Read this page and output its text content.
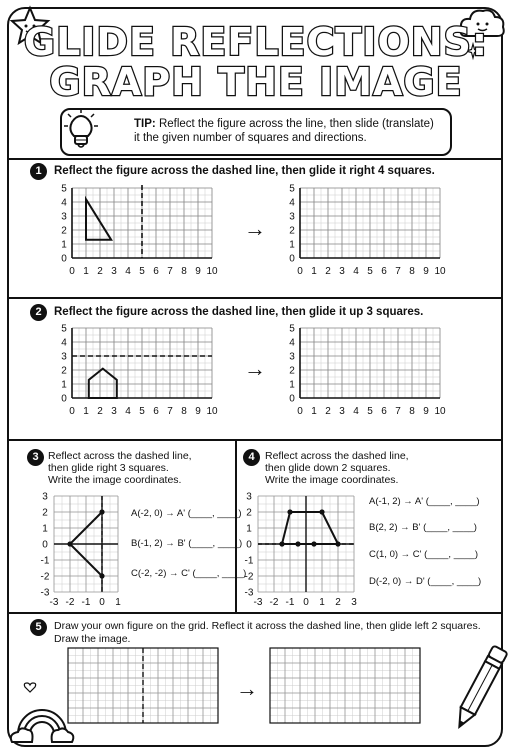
GLIDE REFLECTIONS:
GRAPH THE IMAGE
TIP: Reflect the figure across the line, then slide (translate) it the given number of squares and directions.
1	Reflect the figure across the dashed line, then glide it right 4 squares.
5
4
3
2
1
0
0 1 2 3 4 5 6 7 8 9 10
5
4
3
2
1
0
0 1 2 3 4 5 6 7 8 9 10
→
2	Reflect the figure across the dashed line, then glide it up 3 squares.
5
4
3
2
1
0
0 1 2 3 4 5 6 7 8 9 10
5
4
3
2
1
0
0 1 2 3 4 5 6 7 8 9 10
→
3 Reflect across the dashed line,
then glide right 3 squares.
Write the image coordinates.
3
2
1
0
-1
-2
-3
-3 -2 -1 0 1
A(-2, 0) → A' (____, ____)
B(-1, 2) → B' (____, ____)
C(-2, -2) → C' (____, ____)
4 Reflect across the dashed line,
then glide down 2 squares.
Write the image coordinates.
3
2
1
0
-1
-2
-3
-3 -2 -1 0 1 2 3
A(-1, 2) → A' (____, ____)
B(2, 2) → B' (____, ____)
C(1, 0) → C' (____, ____)
D(-2, 0) → D' (____, ____)
5	Draw your own figure on the grid. Reflect it across the dashed line, then glide left 2 squares.
Draw the image.
→
